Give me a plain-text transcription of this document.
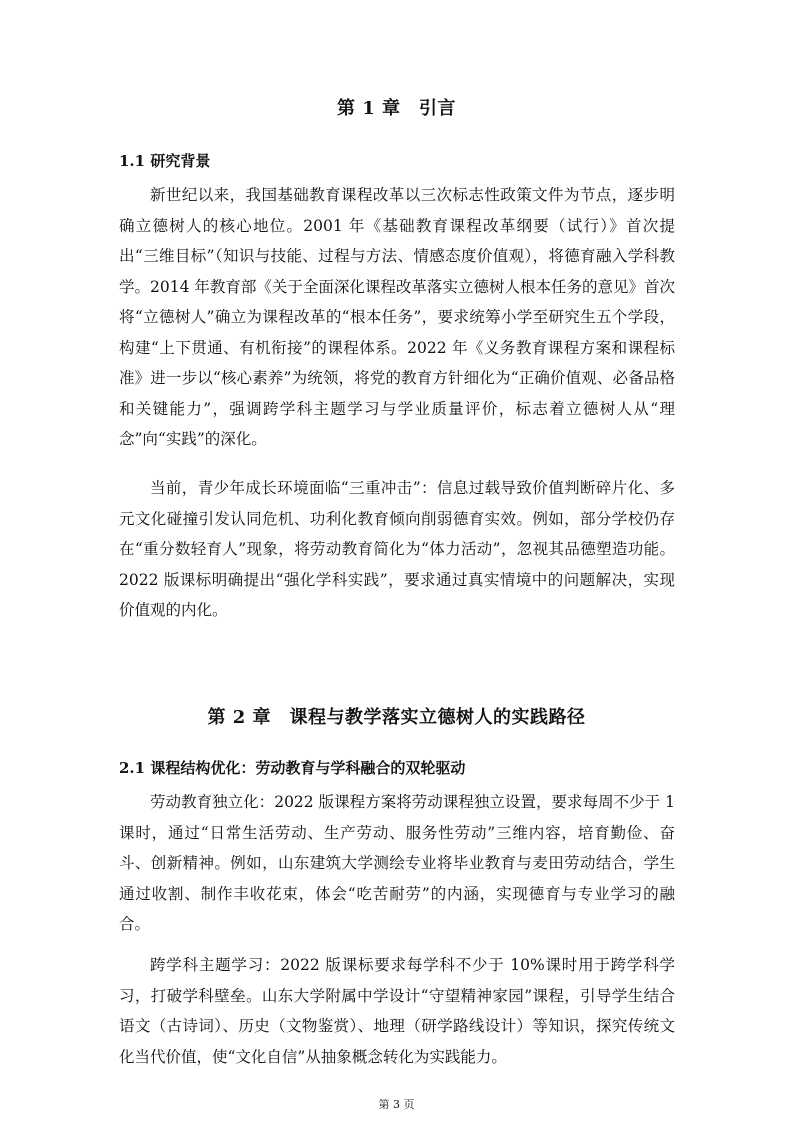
第 1 章　引言
1.1 研究背景

新世纪以来，我国基础教育课程改革以三次标志性政策文件为节点，逐步明确立德树人的核心地位。2001 年《基础教育课程改革纲要（试行）》首次提出“三维目标”（知识与技能、过程与方法、情感态度价值观），将德育融入学科教学。2014 年教育部《关于全面深化课程改革落实立德树人根本任务的意见》首次将“立德树人”确立为课程改革的“根本任务”，要求统筹小学至研究生五个学段，构建“上下贯通、有机衔接”的课程体系。2022 年《义务教育课程方案和课程标准》进一步以“核心素养”为统领，将党的教育方针细化为“正确价值观、必备品格和关键能力”，强调跨学科主题学习与学业质量评价，标志着立德树人从“理念”向“实践”的深化。

当前，青少年成长环境面临“三重冲击”：信息过载导致价值判断碎片化、多元文化碰撞引发认同危机、功利化教育倾向削弱德育实效。例如，部分学校仍存在“重分数轻育人”现象，将劳动教育简化为“体力活动”，忽视其品德塑造功能。2022 版课标明确提出“强化学科实践”，要求通过真实情境中的问题解决，实现价值观的内化。

第 2 章　课程与教学落实立德树人的实践路径
2.1 课程结构优化：劳动教育与学科融合的双轮驱动

劳动教育独立化：2022 版课程方案将劳动课程独立设置，要求每周不少于 1 课时，通过“日常生活劳动、生产劳动、服务性劳动”三维内容，培育勤俭、奋斗、创新精神。例如，山东建筑大学测绘专业将毕业教育与麦田劳动结合，学生通过收割、制作丰收花束，体会“吃苦耐劳”的内涵，实现德育与专业学习的融合。

跨学科主题学习：2022 版课标要求每学科不少于 10%课时用于跨学科学习，打破学科壁垒。山东大学附属中学设计“守望精神家园”课程，引导学生结合语文（古诗词）、历史（文物鉴赏）、地理（研学路线设计）等知识，探究传统文化当代价值，使“文化自信”从抽象概念转化为实践能力。

第 3 页
